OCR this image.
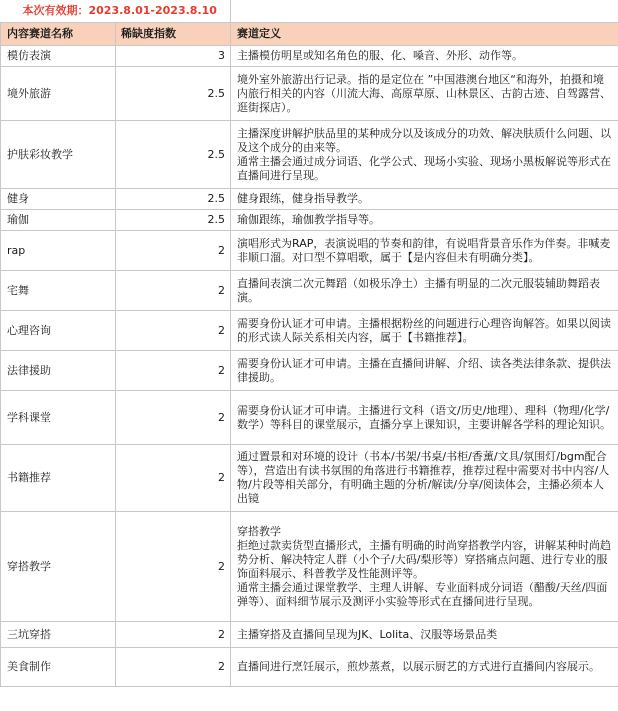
本次有效期：2023.8.01-2023.8.10		
内容赛道名称	稀缺度指数	赛道定义
模仿表演	3	主播模仿明星或知名角色的服、化、嗓音、外形、动作等。
境外旅游	2.5	境外室外旅游出行记录。指的是定位在 ”中国港澳台地区“和海外，拍摄和境内旅行相关的内容（川流大海、高原草原、山林景区、古韵古迹、自驾露营、逛街探店）。
护肤彩妆教学	2.5	主播深度讲解护肤品里的某种成分以及该成分的功效、解决肤质什么问题、以及这个成分的由来等。
通常主播会通过成分词语、化学公式、现场小实验、现场小黑板解说等形式在直播间进行呈现。
健身	2.5	健身跟练，健身指导教学。
瑜伽	2.5	瑜伽跟练，瑜伽教学指导等。
rap	2	演唱形式为RAP，表演说唱的节奏和韵律，有说唱背景音乐作为伴奏。非喊麦非顺口溜。对口型不算唱歌，属于【是内容但未有明确分类】。
宅舞	2	直播间表演二次元舞蹈（如极乐净土）主播有明显的二次元服装辅助舞蹈表演。
心理咨询	2	需要身份认证才可申请。主播根据粉丝的问题进行心理咨询解答。如果以阅读的形式读人际关系相关内容，属于【书籍推荐】。
法律援助	2	需要身份认证才可申请。主播在直播间讲解、介绍、读各类法律条款、提供法律援助。
学科课堂	2	需要身份认证才可申请。主播进行文科（语文/历史/地理）、理科（物理/化学/数学）等科目的课堂展示，直播分享上课知识，主要讲解各学科的理论知识。
书籍推荐	2	通过置景和对环境的设计（书本/书架/书桌/书柜/香薰/文具/氛围灯/bgm配合等），营造出有读书氛围的角落进行书籍推荐，推荐过程中需要对书中内容/人物/片段等相关部分，有明确主题的分析/解读/分享/阅读体会，主播必须本人出镜
穿搭教学	2	穿搭教学
拒绝过款卖货型直播形式，主播有明确的时尚穿搭教学内容，讲解某种时尚趋势分析、解决特定人群（小个子/大码/梨形等）穿搭痛点问题、进行专业的服饰面料展示、科普教学及性能测评等。
通常主播会通过课堂教学、主理人讲解、专业面料成分词语（醋酸/天丝/四面弹等）、面料细节展示及测评小实验等形式在直播间进行呈现。
三坑穿搭	2	主播穿搭及直播间呈现为JK、Lolita、汉服等场景品类
美食制作	2	直播间进行烹饪展示，煎炒蒸煮，以展示厨艺的方式进行直播间内容展示。
